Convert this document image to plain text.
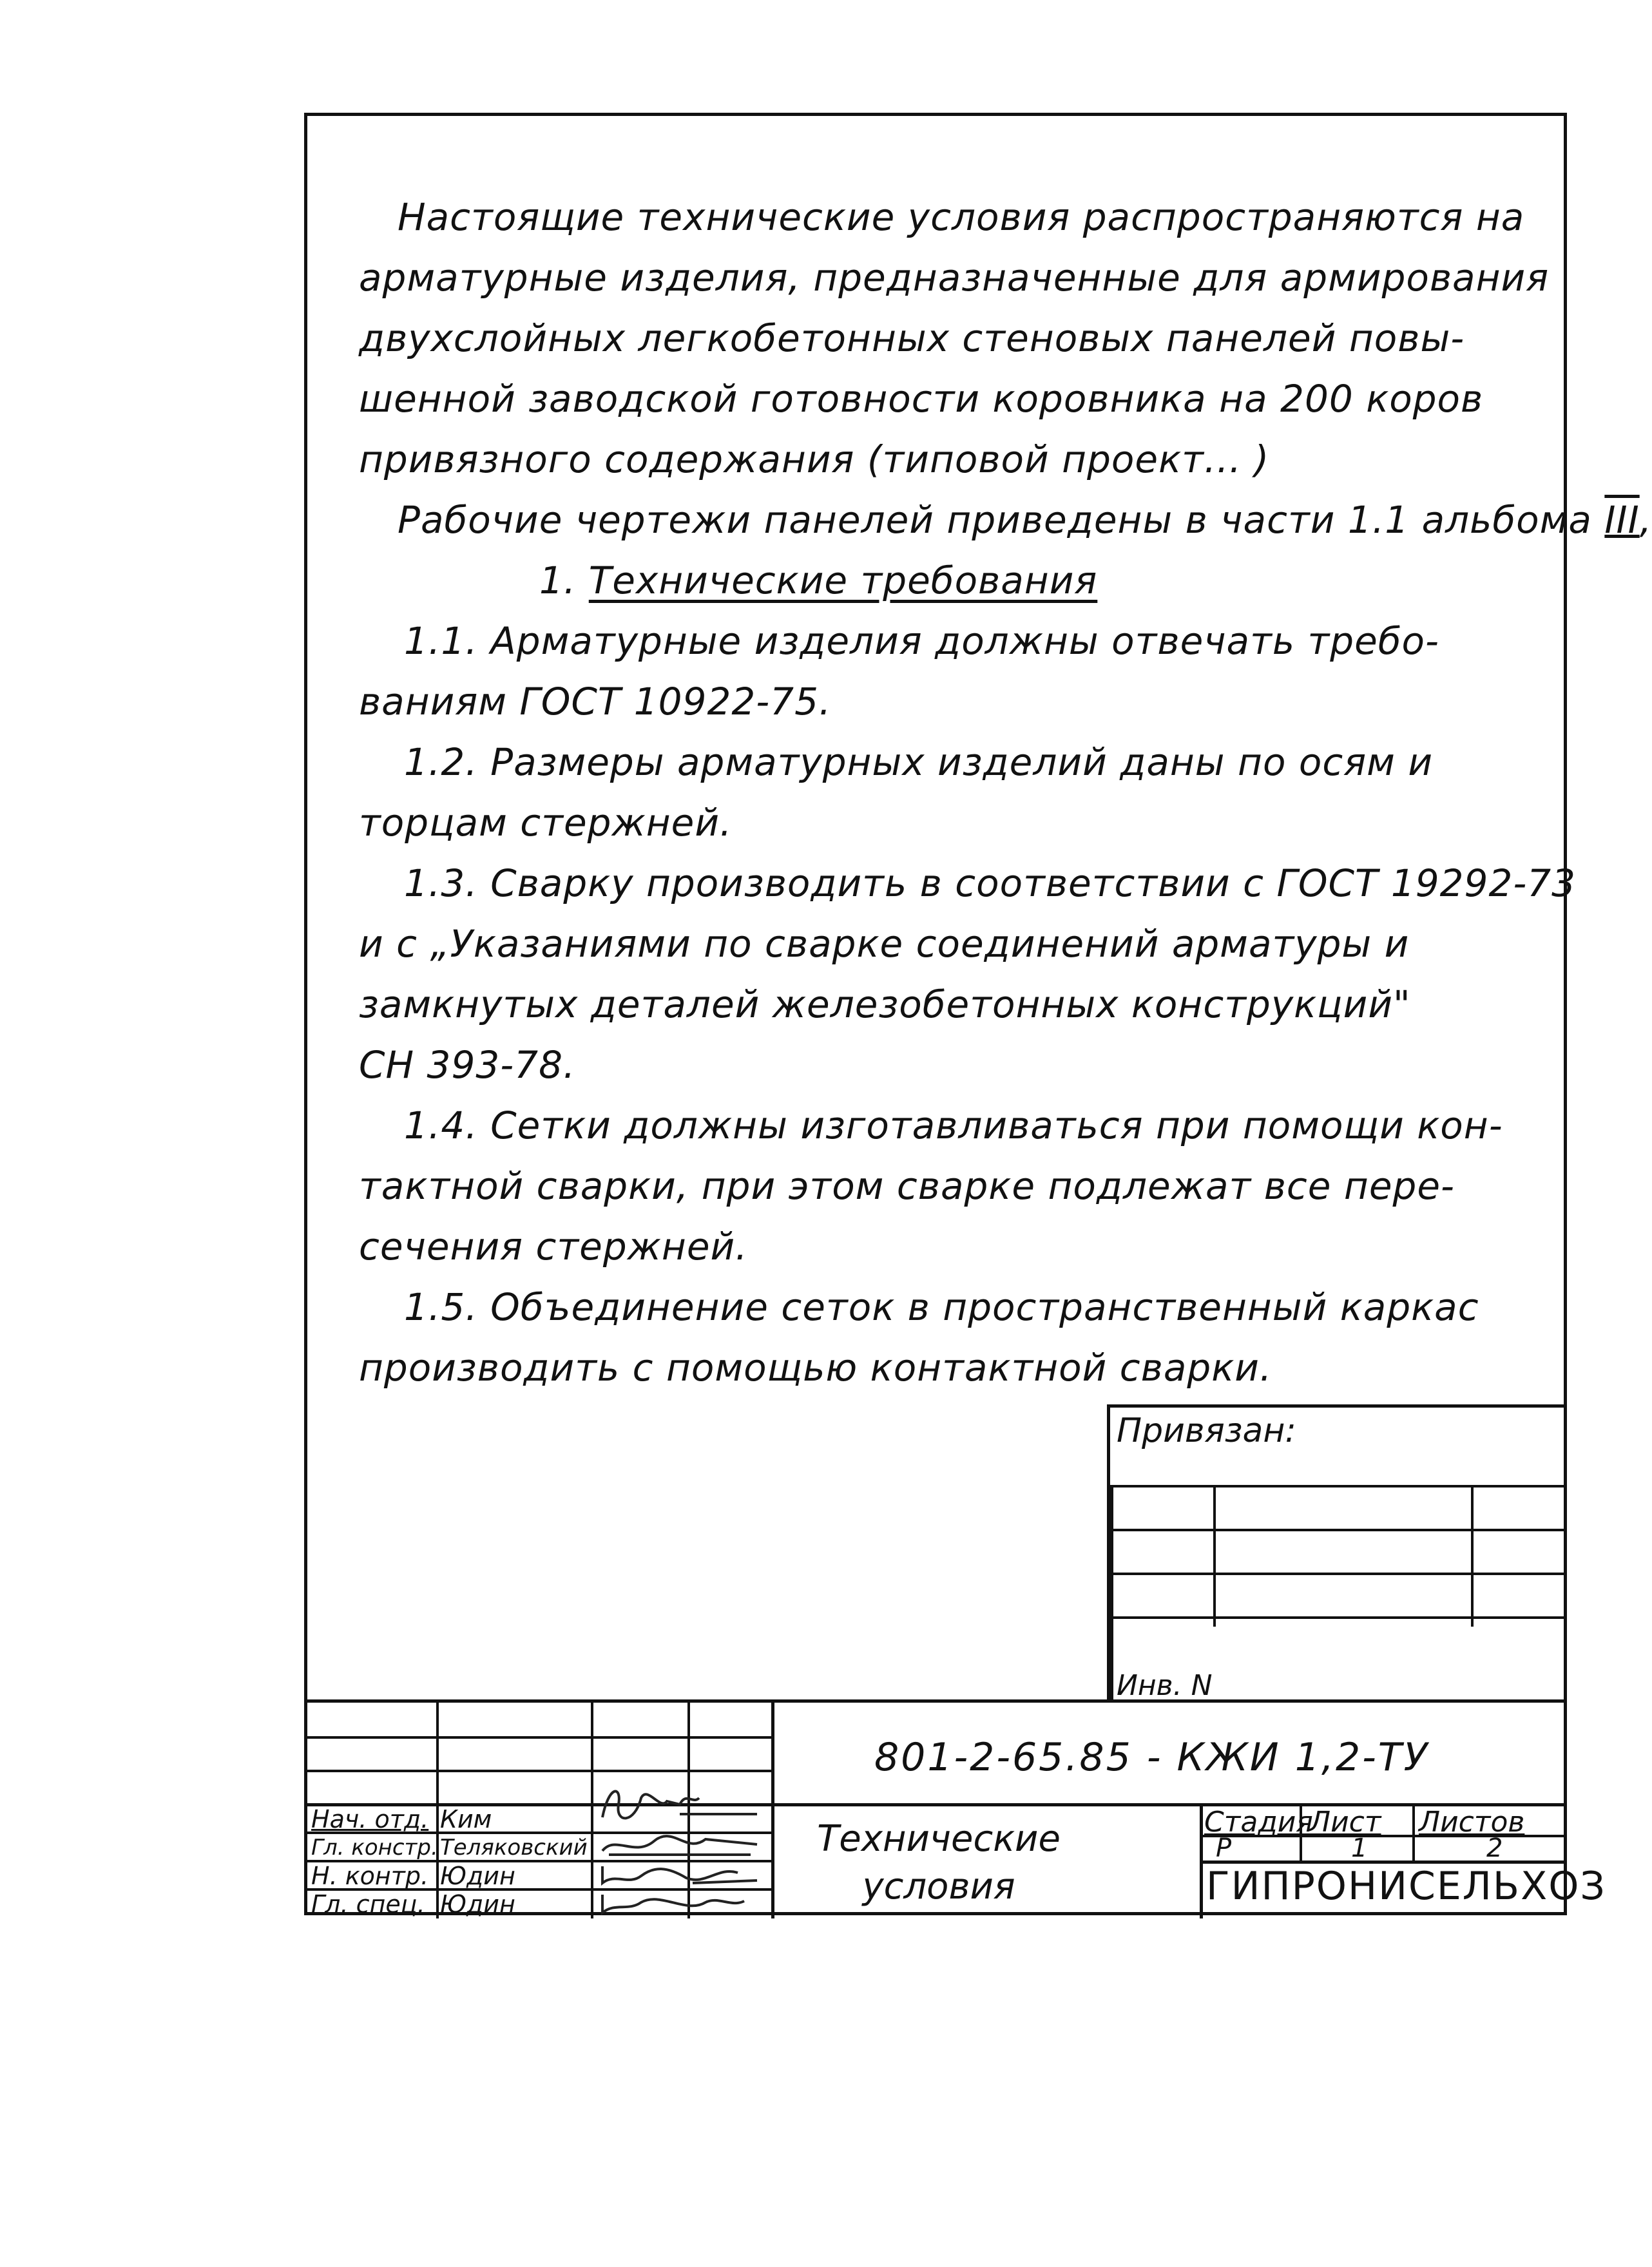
Настоящие технические условия распространяются на
арматурные изделия, предназначенные для армирования
двухслойных легкобетонных стеновых панелей повы-
шенной заводской готовности коровника на 200 коров
привязного содержания (типовой проект... )
Рабочие чертежи панелей приведены в части 1.1 альбома III,
1. Технические требования
1.1. Арматурные изделия должны отвечать требо-
ваниям ГОСТ 10922-75.
1.2. Размеры арматурных изделий даны по осям и
торцам стержней.
1.3. Сварку производить в соответствии с ГОСТ 19292-73
и с „Указаниями по сварке соединений арматуры и
замкнутых деталей железобетонных конструкций"
СН 393-78.
1.4. Сетки должны изготавливаться при помощи кон-
тактной сварки, при этом сварке подлежат все пере-
сечения стержней.
1.5. Объединение сеток в пространственный каркас
производить с помощью контактной сварки.
Привязан:
Инв. N
801-2-65.85 - КЖИ 1,2-ТУ
Технические
условия
Нач. отд. Ким
Гл. констр. Теляковский
Н. контр. Юдин
Гл. спец. Юдин
Стадия
Лист Листов
Р	1	2
ГИПРОНИСЕЛЬХОЗ
